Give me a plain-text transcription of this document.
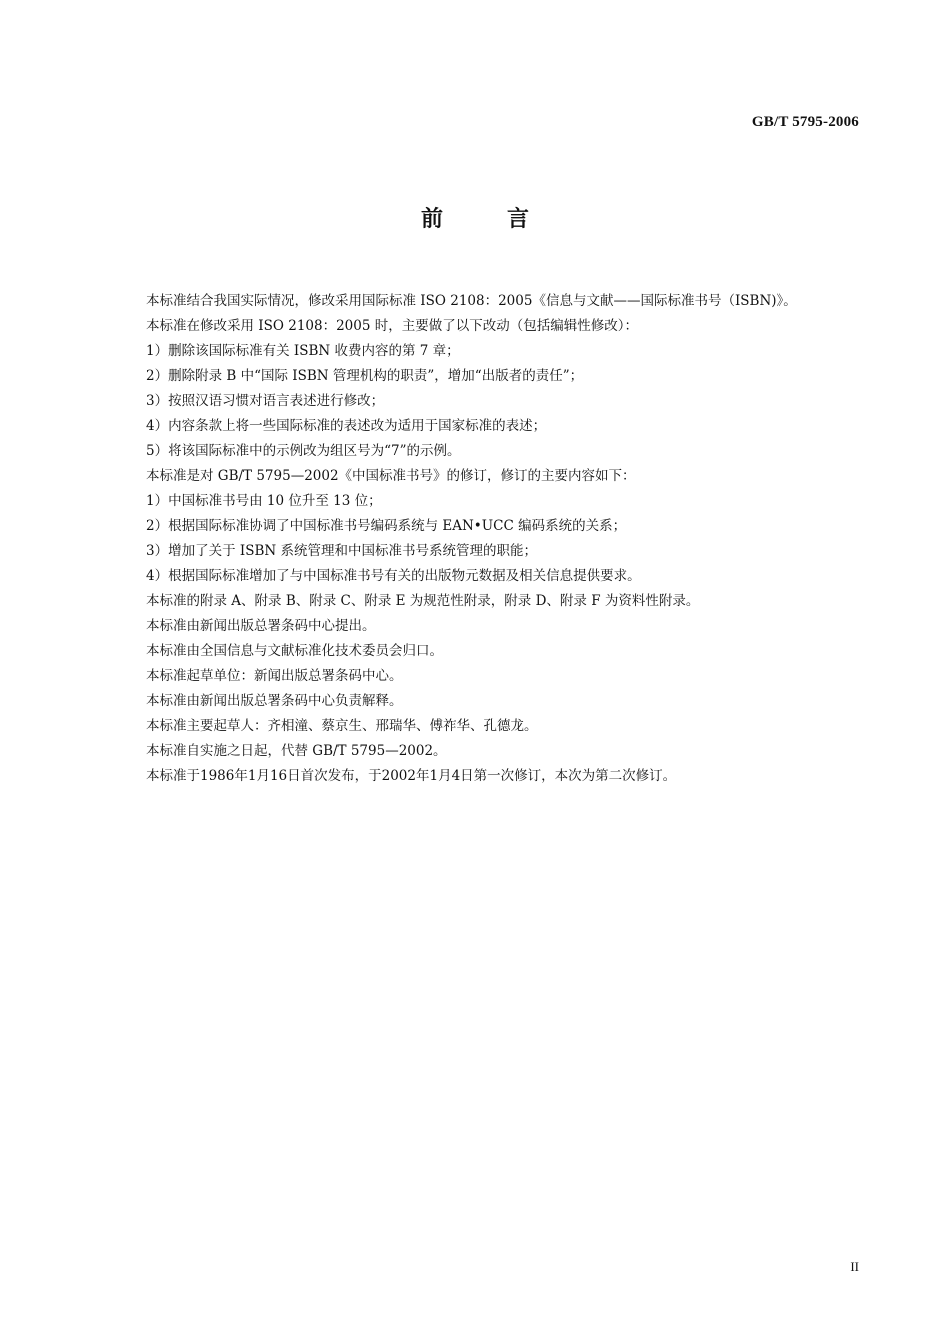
GB/T 5795-2006
前言

本标准结合我国实际情况，修改采用国际标准 ISO 2108：2005《信息与文献——国际标准书号（ISBN)》。

本标准在修改采用 ISO 2108：2005 时，主要做了以下改动（包括编辑性修改）：

1）删除该国际标准有关 ISBN 收费内容的第 7 章；

2）删除附录 B 中“国际 ISBN 管理机构的职责”，增加“出版者的责任”；

3）按照汉语习惯对语言表述进行修改；

4）内容条款上将一些国际标准的表述改为适用于国家标准的表述；

5）将该国际标准中的示例改为组区号为“7”的示例。

本标准是对 GB/T 5795—2002《中国标准书号》的修订，修订的主要内容如下：

1）中国标准书号由 10 位升至 13 位；

2）根据国际标准协调了中国标准书号编码系统与 EAN•UCC 编码系统的关系；

3）增加了关于 ISBN 系统管理和中国标准书号系统管理的职能；

4）根据国际标准增加了与中国标准书号有关的出版物元数据及相关信息提供要求。

本标准的附录 A、附录 B、附录 C、附录 E 为规范性附录，附录 D、附录 F 为资料性附录。

本标准由新闻出版总署条码中心提出。

本标准由全国信息与文献标准化技术委员会归口。

本标准起草单位：新闻出版总署条码中心。

本标准由新闻出版总署条码中心负责解释。

本标准主要起草人：齐相潼、蔡京生、邢瑞华、傅祚华、孔德龙。

本标准自实施之日起，代替 GB/T 5795—2002。

本标准于1986年1月16日首次发布，于2002年1月4日第一次修订，本次为第二次修订。

II
